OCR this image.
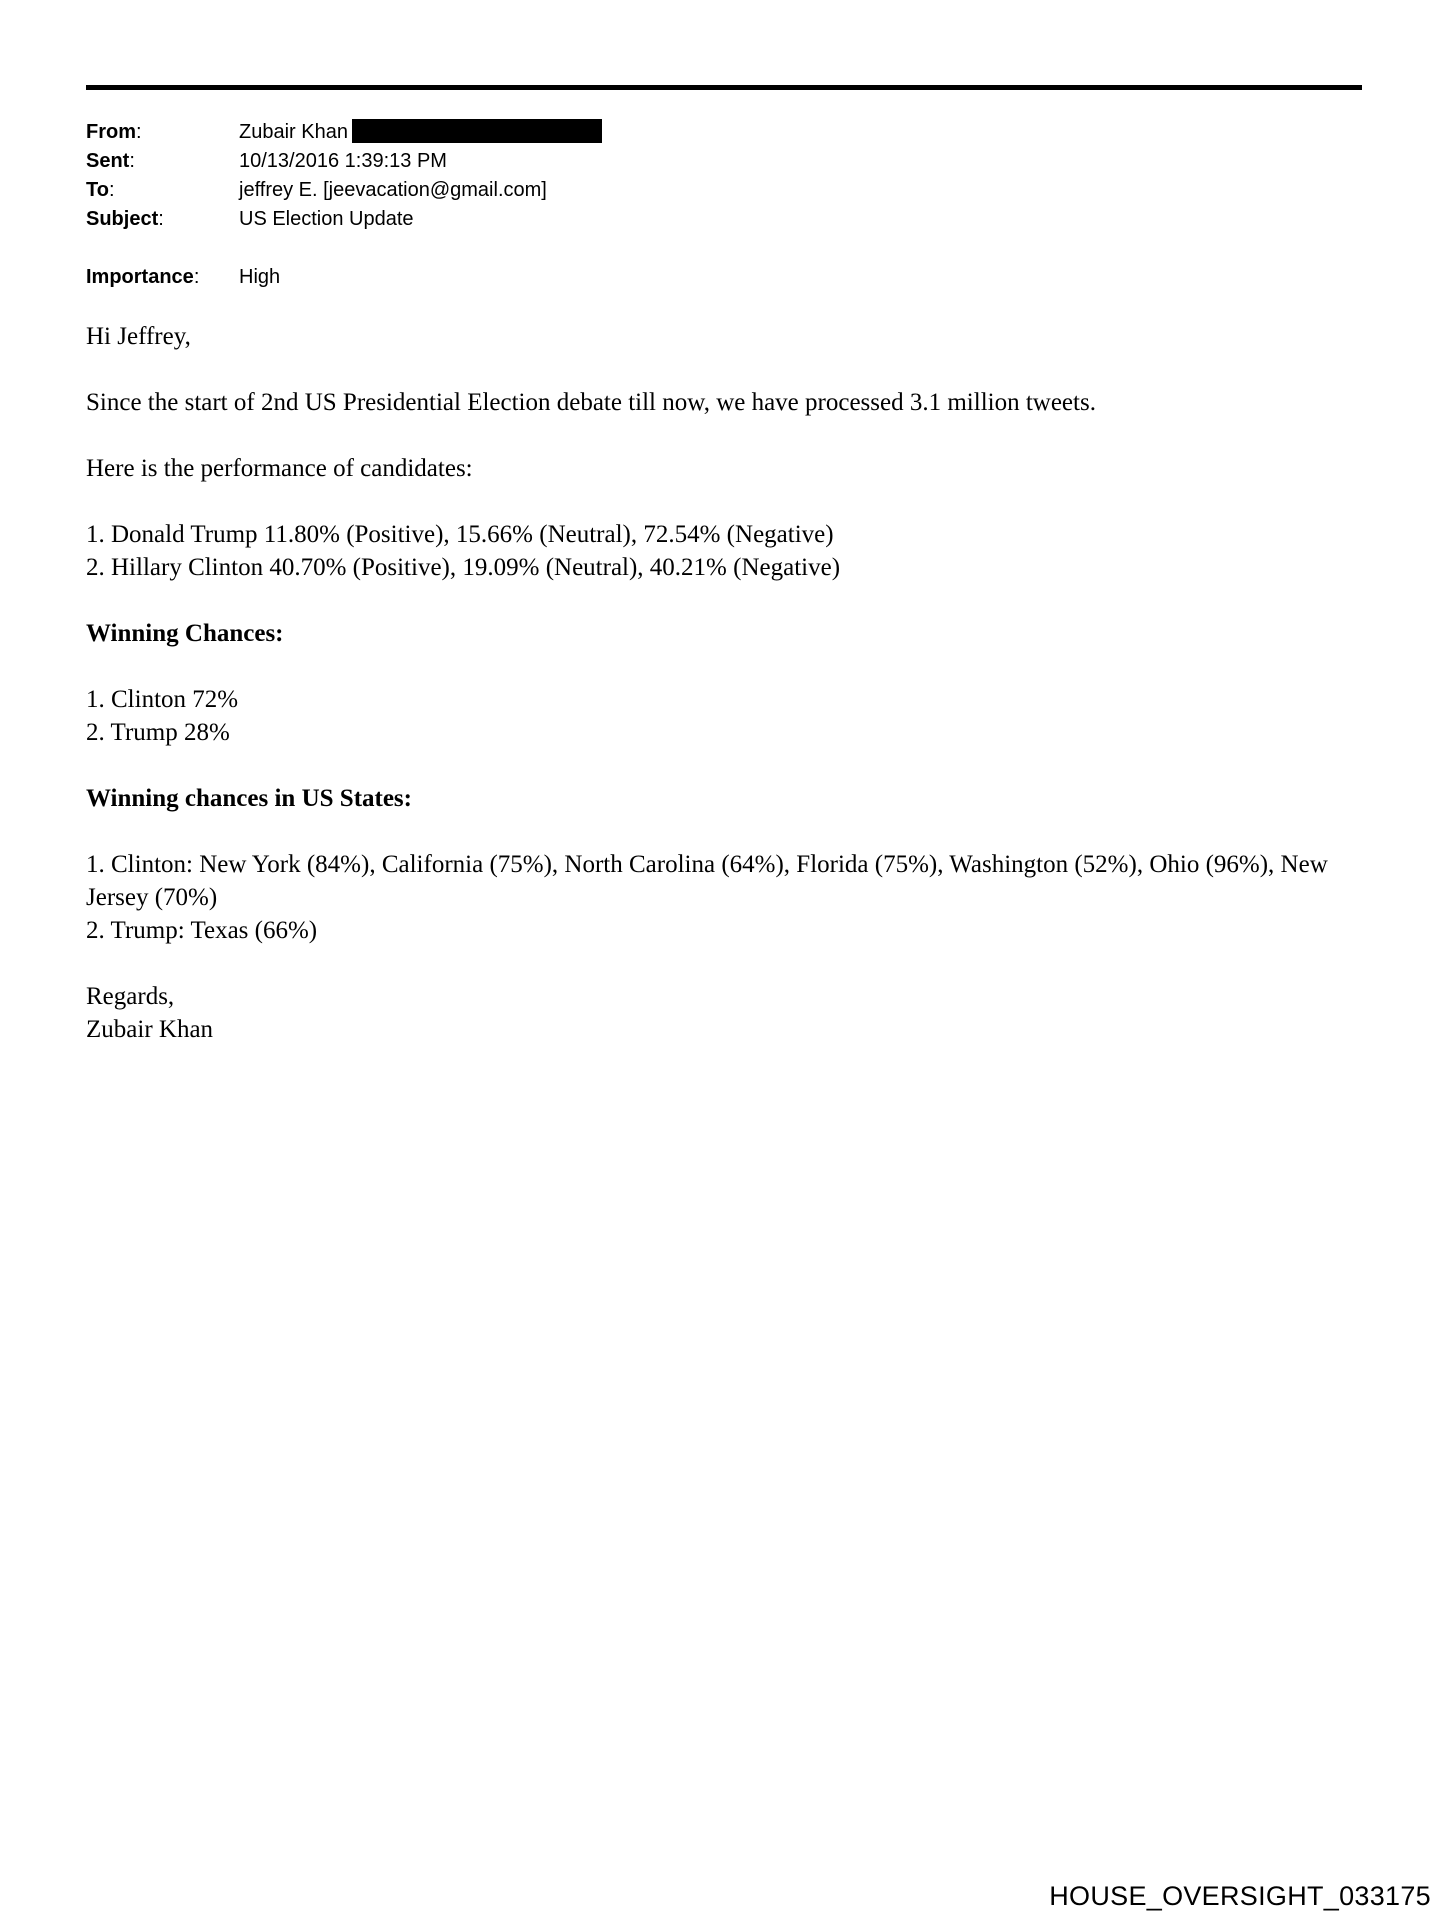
From:	Zubair Khan
Sent:	10/13/2016 1:39:13 PM
To:	jeffrey E. [jeevacation@gmail.com]
Subject:	US Election Update
Importance: High

Hi Jeffrey,

Since the start of 2nd US Presidential Election debate till now, we have processed 3.1 million tweets.

Here is the performance of candidates:

1. Donald Trump 11.80% (Positive), 15.66% (Neutral), 72.54% (Negative)
2. Hillary Clinton 40.70% (Positive), 19.09% (Neutral), 40.21% (Negative)

Winning Chances:

1. Clinton 72%
2. Trump 28%

Winning chances in US States:

1. Clinton: New York (84%), California (75%), North Carolina (64%), Florida (75%), Washington (52%), Ohio (96%), New Jersey (70%)
2. Trump: Texas (66%)

Regards,
Zubair Khan

HOUSE_OVERSIGHT_033175
